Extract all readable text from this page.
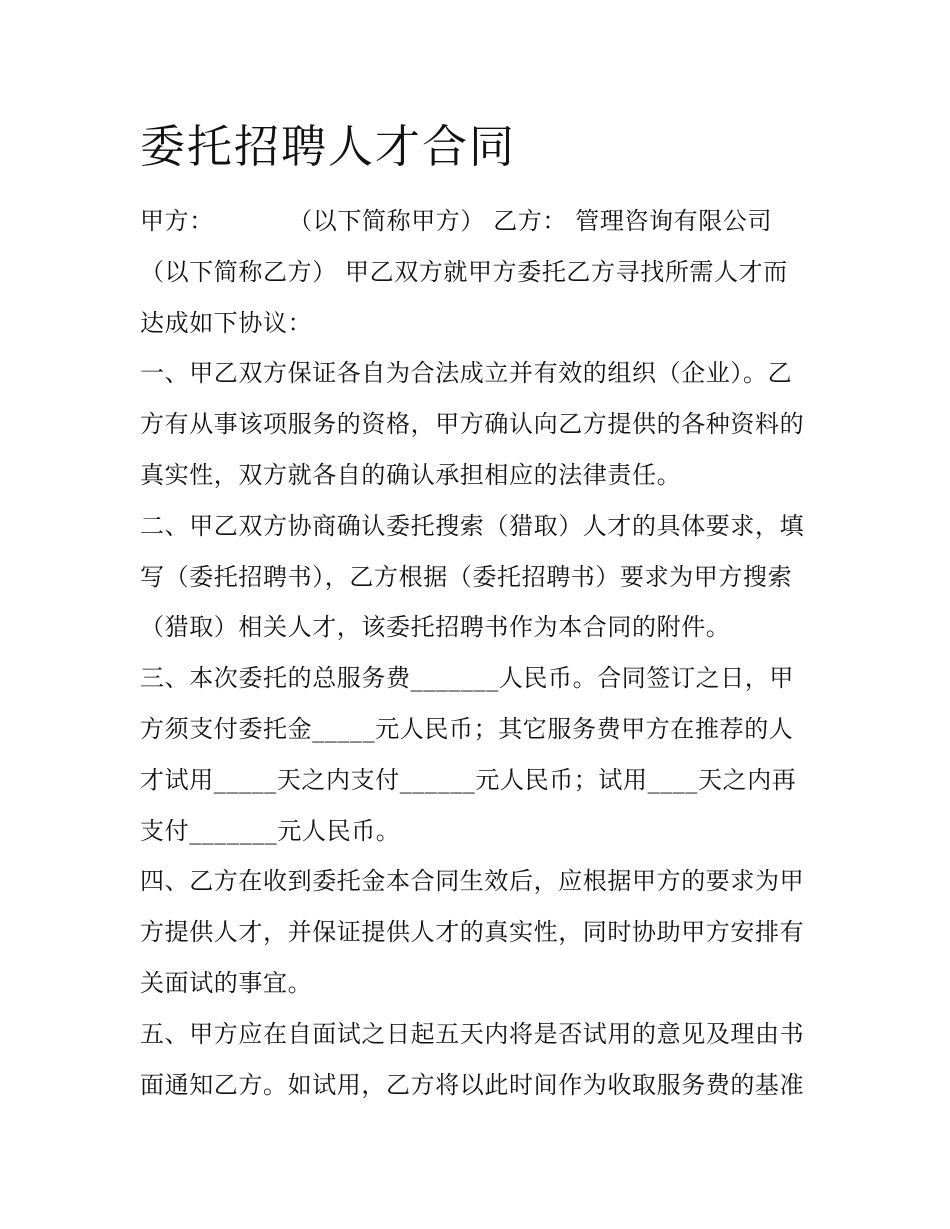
委托招聘人才合同
甲方：　　　　（以下简称甲方） 乙方： 管理咨询有限公司
（以下简称乙方） 甲乙双方就甲方委托乙方寻找所需人才而
达成如下协议：
一、甲乙双方保证各自为合法成立并有效的组织（企业）。乙
方有从事该项服务的资格，甲方确认向乙方提供的各种资料的
真实性，双方就各自的确认承担相应的法律责任。
二、甲乙双方协商确认委托搜索（猎取）人才的具体要求，填
写（委托招聘书），乙方根据（委托招聘书）要求为甲方搜索
（猎取）相关人才，该委托招聘书作为本合同的附件。
三、本次委托的总服务费_______人民币。合同签订之日，甲
方须支付委托金_____元人民币；其它服务费甲方在推荐的人
才试用_____天之内支付______元人民币；试用____天之内再
支付_______元人民币。
四、乙方在收到委托金本合同生效后，应根据甲方的要求为甲
方提供人才，并保证提供人才的真实性，同时协助甲方安排有
关面试的事宜。
五、甲方应在自面试之日起五天内将是否试用的意见及理由书
面通知乙方。如试用，乙方将以此时间作为收取服务费的基准
